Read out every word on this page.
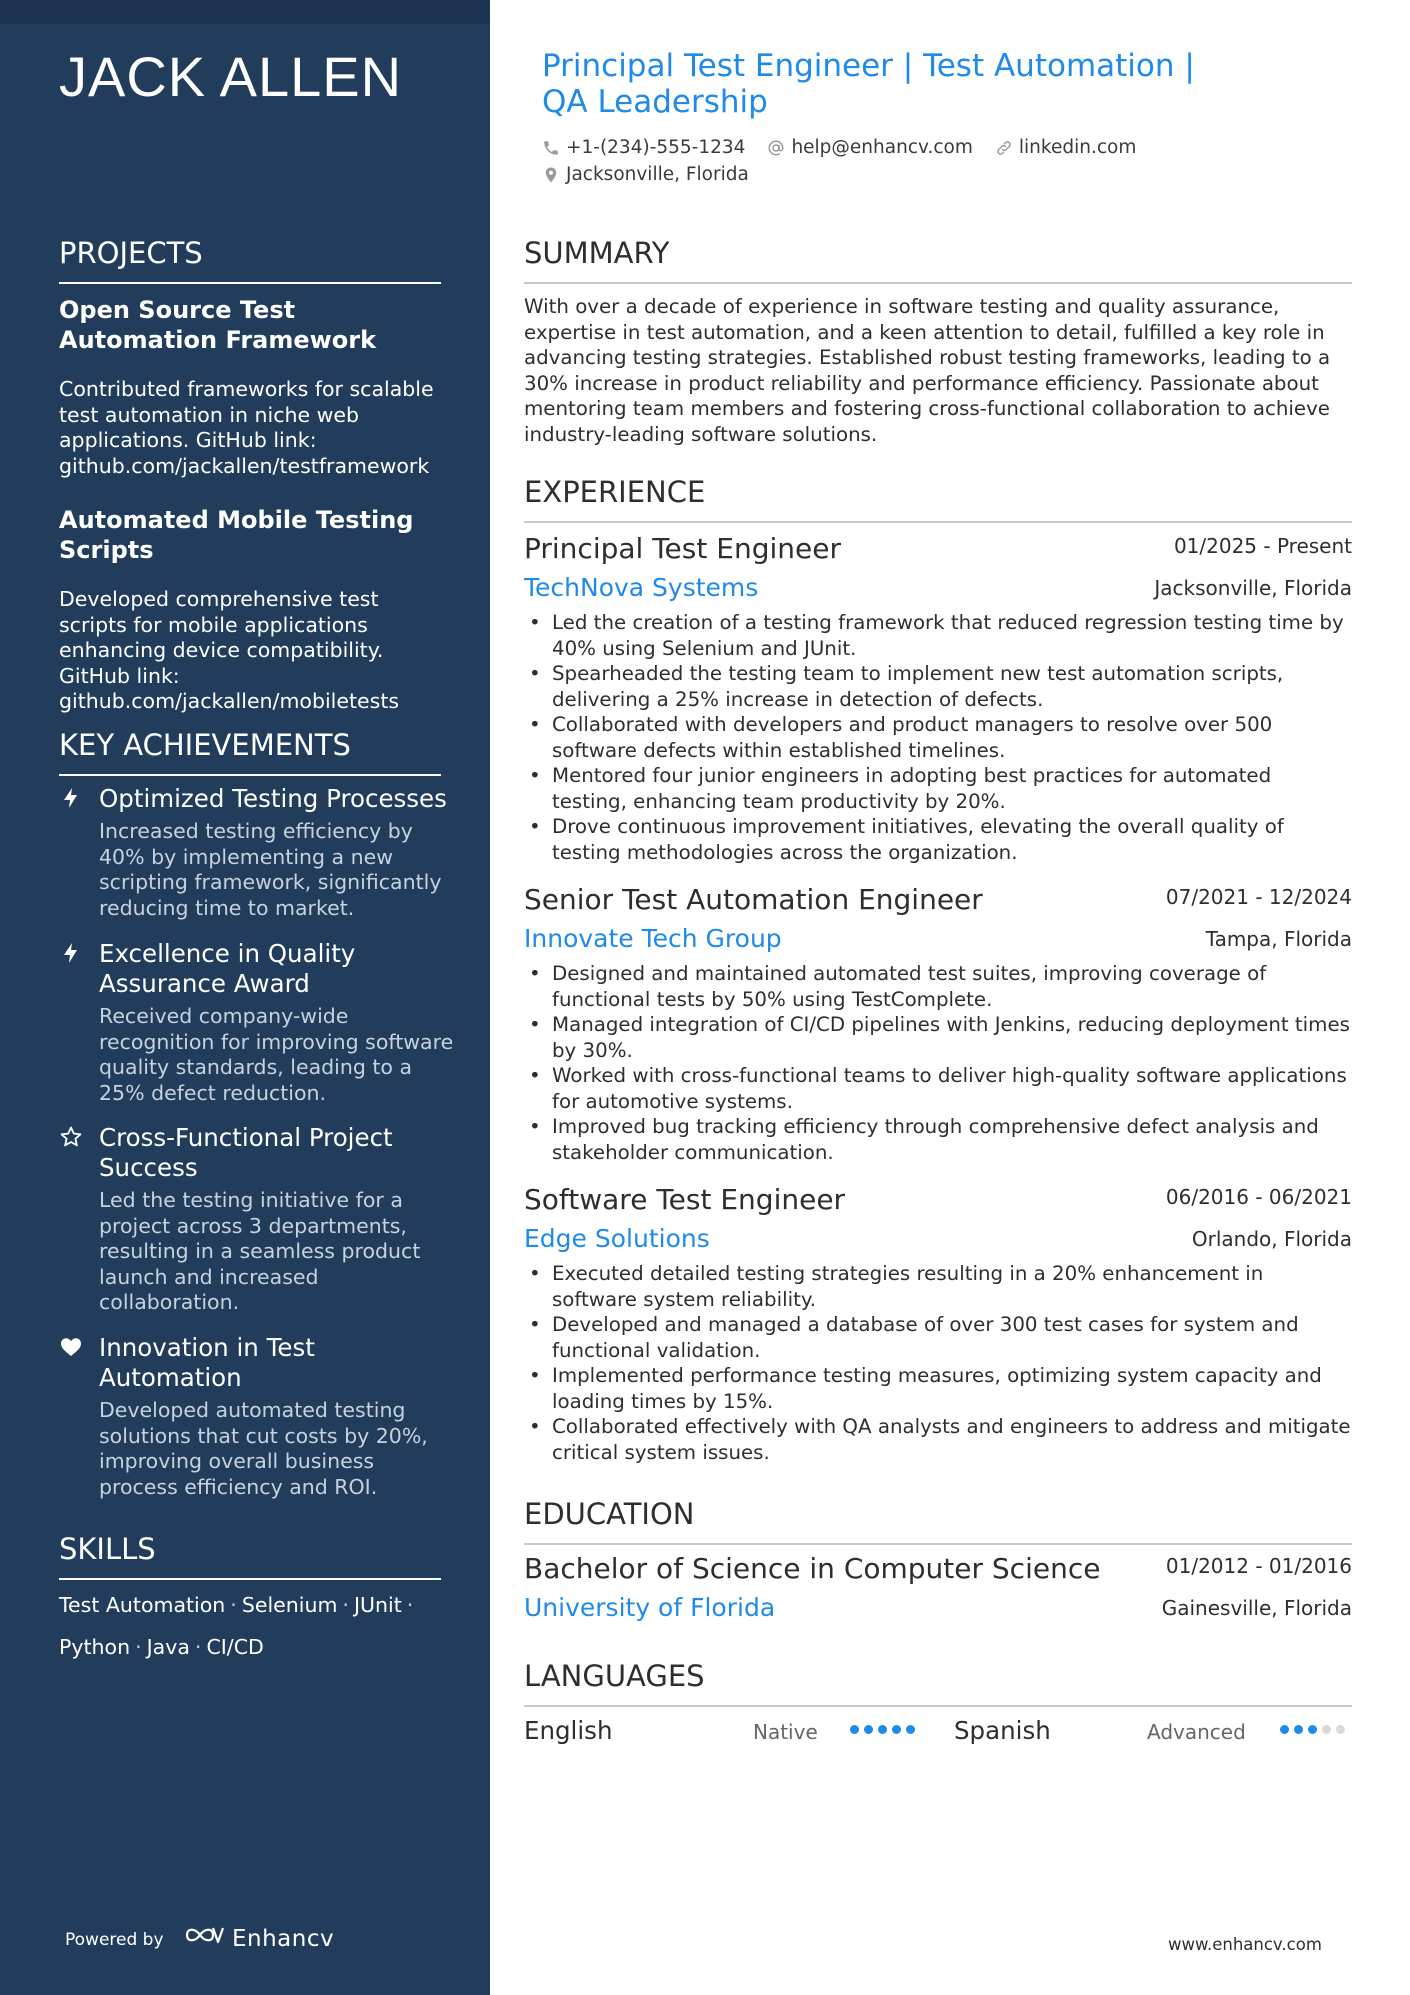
JACK ALLEN
PROJECTS
Open Source Test Automation Framework
Contributed frameworks for scalable test automation in niche web applications. GitHub link: github.com/jackallen/testframework
Automated Mobile Testing Scripts
Developed comprehensive test scripts for mobile applications enhancing device compatibility. GitHub link: github.com/jackallen/mobiletests
KEY ACHIEVEMENTS
Optimized Testing Processes
Increased testing efficiency by 40% by implementing a new scripting framework, significantly reducing time to market.
Excellence in Quality Assurance Award
Received company-wide recognition for improving software quality standards, leading to a 25% defect reduction.
Cross-Functional Project Success
Led the testing initiative for a project across 3 departments, resulting in a seamless product launch and increased collaboration.
Innovation in Test Automation
Developed automated testing solutions that cut costs by 20%, improving overall business process efficiency and ROI.
SKILLS
Test Automation · Selenium · JUnit ·
Python · Java · CI/CD
Powered by	Enhancv
Principal Test Engineer | Test Automation | QA Leadership
+1-(234)-555-1234 help@enhancv.com linkedin.com
Jacksonville, Florida
SUMMARY
With over a decade of experience in software testing and quality assurance, expertise in test automation, and a keen attention to detail, fulfilled a key role in advancing testing strategies. Established robust testing frameworks, leading to a 30% increase in product reliability and performance efficiency. Passionate about mentoring team members and fostering cross-functional collaboration to achieve industry-leading software solutions.
EXPERIENCE
Principal Test Engineer	01/2025 - Present
TechNova Systems	Jacksonville, Florida
• Led the creation of a testing framework that reduced regression testing time by 40% using Selenium and JUnit.
• Spearheaded the testing team to implement new test automation scripts, delivering a 25% increase in detection of defects.
• Collaborated with developers and product managers to resolve over 500 software defects within established timelines.
• Mentored four junior engineers in adopting best practices for automated testing, enhancing team productivity by 20%.
• Drove continuous improvement initiatives, elevating the overall quality of testing methodologies across the organization.
Senior Test Automation Engineer	07/2021 - 12/2024
Innovate Tech Group	Tampa, Florida
• Designed and maintained automated test suites, improving coverage of functional tests by 50% using TestComplete.
• Managed integration of CI/CD pipelines with Jenkins, reducing deployment times by 30%.
• Worked with cross-functional teams to deliver high-quality software applications for automotive systems.
• Improved bug tracking efficiency through comprehensive defect analysis and stakeholder communication.
Software Test Engineer	06/2016 - 06/2021
Edge Solutions	Orlando, Florida
• Executed detailed testing strategies resulting in a 20% enhancement in software system reliability.
• Developed and managed a database of over 300 test cases for system and functional validation.
• Implemented performance testing measures, optimizing system capacity and loading times by 15%.
• Collaborated effectively with QA analysts and engineers to address and mitigate critical system issues.
EDUCATION
Bachelor of Science in Computer Science	01/2012 - 01/2016
University of Florida	Gainesville, Florida
LANGUAGES
English	Native	Spanish	Advanced
www.enhancv.com
